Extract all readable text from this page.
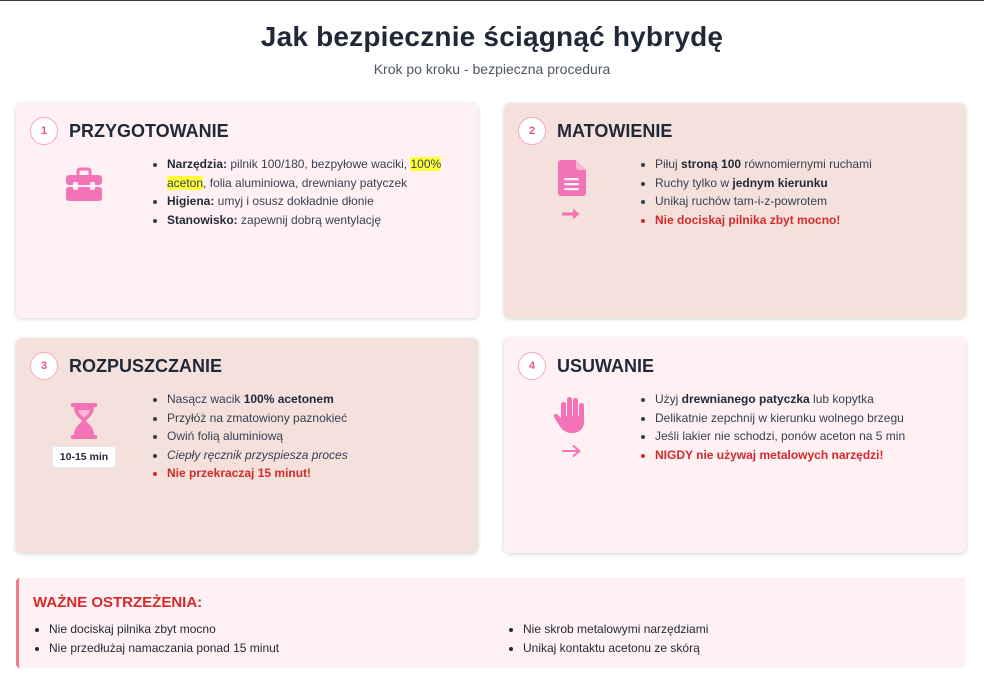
Jak bezpiecznie ściągnąć hybrydę
Krok po kroku - bezpieczna procedura
1	PRZYGOTOWANIE
• Narzędzia: pilnik 100/180, bezpyłowe waciki, 100% aceton, folia aluminiowa, drewniany patyczek
• Higiena: umyj i osusz dokładnie dłonie
• Stanowisko: zapewnij dobrą wentylację
2	MATOWIENIE
• Piłuj stroną 100 równomiernymi ruchami
• Ruchy tylko w jednym kierunku
• Unikaj ruchów tam-i-z-powrotem
• Nie dociskaj pilnika zbyt mocno!
3	ROZPUSZCZANIE
10-15 min
• Nasącz wacik 100% acetonem
• Przyłóż na zmatowiony paznokieć
• Owiń folią aluminiową
• Ciepły ręcznik przyspiesza proces
• Nie przekraczaj 15 minut!
4	USUWANIE
• Użyj drewnianego patyczka lub kopytka
• Delikatnie zepchnij w kierunku wolnego brzegu
• Jeśli lakier nie schodzi, ponów aceton na 5 min
• NIGDY nie używaj metalowych narzędzi!
WAŻNE OSTRZEŻENIA:
• Nie dociskaj pilnika zbyt mocno
• Nie przedłużaj namaczania ponad 15 minut
• Nie skrob metalowymi narzędziami
• Unikaj kontaktu acetonu ze skórą
